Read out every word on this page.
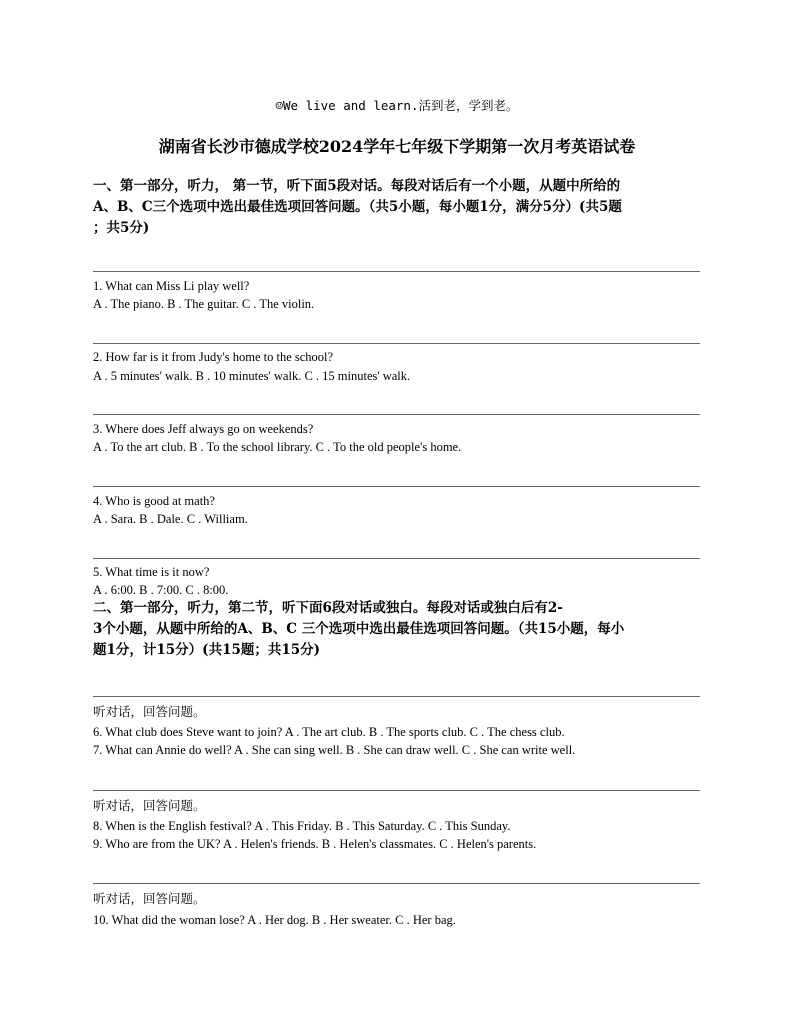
☺We live and learn.活到老，学到老。
湖南省长沙市德成学校2024学年七年级下学期第一次月考英语试卷
一、第一部分，听力， 第一节，听下面5段对话。每段对话后有一个小题，从题中所给的
A、B、C三个选项中选出最佳选项回答问题。（共5小题，每小题1分，满分5分）(共5题
；共5分)
1. What can Miss Li play well?
A . The piano. B . The guitar. C . The violin.
2. How far is it from Judy's home to the school?
A . 5 minutes' walk. B . 10 minutes' walk. C . 15 minutes' walk.
3. Where does Jeff always go on weekends?
A . To the art club. B . To the school library. C . To the old people's home.
4. Who is good at math?
A . Sara. B . Dale. C . William.
5. What time is it now?
A . 6:00. B . 7:00. C . 8:00.
二、第一部分，听力，第二节，听下面6段对话或独白。每段对话或独白后有2-
3个小题，从题中所给的A、B、C 三个选项中选出最佳选项回答问题。（共15小题，每小
题1分，计15分）(共15题；共15分)
听对话，回答问题。
6. What club does Steve want to join? A . The art club. B . The sports club. C . The chess club.
7. What can Annie do well? A . She can sing well. B . She can draw well. C . She can write well.
听对话，回答问题。
8. When is the English festival? A . This Friday. B . This Saturday. C . This Sunday.
9. Who are from the UK? A . Helen's friends. B . Helen's classmates. C . Helen's parents.
听对话，回答问题。
10. What did the woman lose? A . Her dog. B . Her sweater. C . Her bag.
